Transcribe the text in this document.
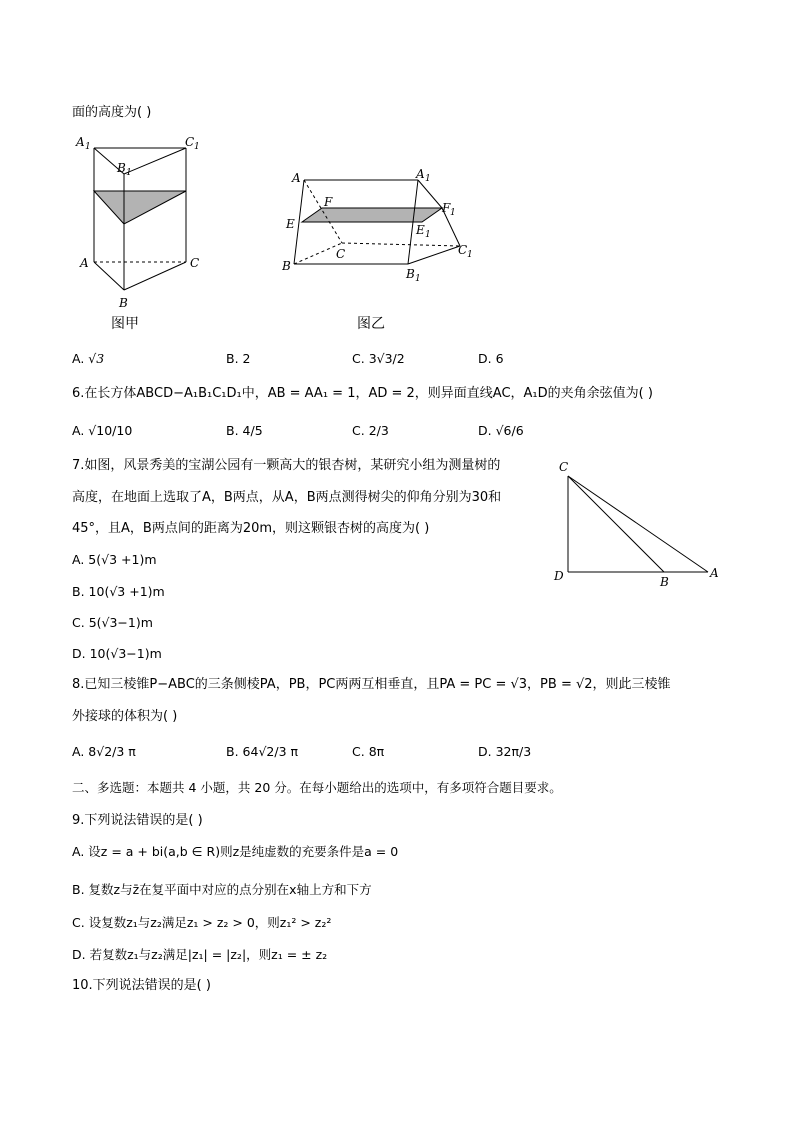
面的高度为( )
A 1	C 1
B 1
A	C
B
图甲
A	A 1
F	F 1
E	E 1
C	C 1
B
B 1
图乙
A. √3	B. 2	C. 3√3/2	D. 6
6.在长方体ABCD−A₁B₁C₁D₁中，AB = AA₁ = 1，AD = 2，则异面直线AC，A₁D的夹角余弦值为( )
A. √10/10	B. 4/5	C. 2/3	D. √6/6
7.如图，风景秀美的宝湖公园有一颗高大的银杏树，某研究小组为测量树的
高度，在地面上选取了A，B两点，从A，B两点测得树尖的仰角分别为30和
45°，且A，B两点间的距离为20m，则这颗银杏树的高度为( )
A. 5(√3 +1)m
B. 10(√3 +1)m
C. 5(√3−1)m
D. 10(√3−1)m
C
D	B
A
8.已知三棱锥P−ABC的三条侧棱PA，PB，PC两两互相垂直，且PA = PC = √3，PB = √2，则此三棱锥
外接球的体积为( )
A. 8√2/3 π	B. 64√2/3 π	C. 8π	D. 32π/3
二、多选题：本题共 4 小题，共 20 分。在每小题给出的选项中，有多项符合题目要求。
9.下列说法错误的是( )
A. 设z = a + bi(a,b ∈ R)则z是纯虚数的充要条件是a = 0
B. 复数z与z̄在复平面中对应的点分别在x轴上方和下方
C. 设复数z₁与z₂满足z₁ > z₂ > 0，则z₁² > z₂²
D. 若复数z₁与z₂满足|z₁| = |z₂|，则z₁ = ± z₂
10.下列说法错误的是( )
